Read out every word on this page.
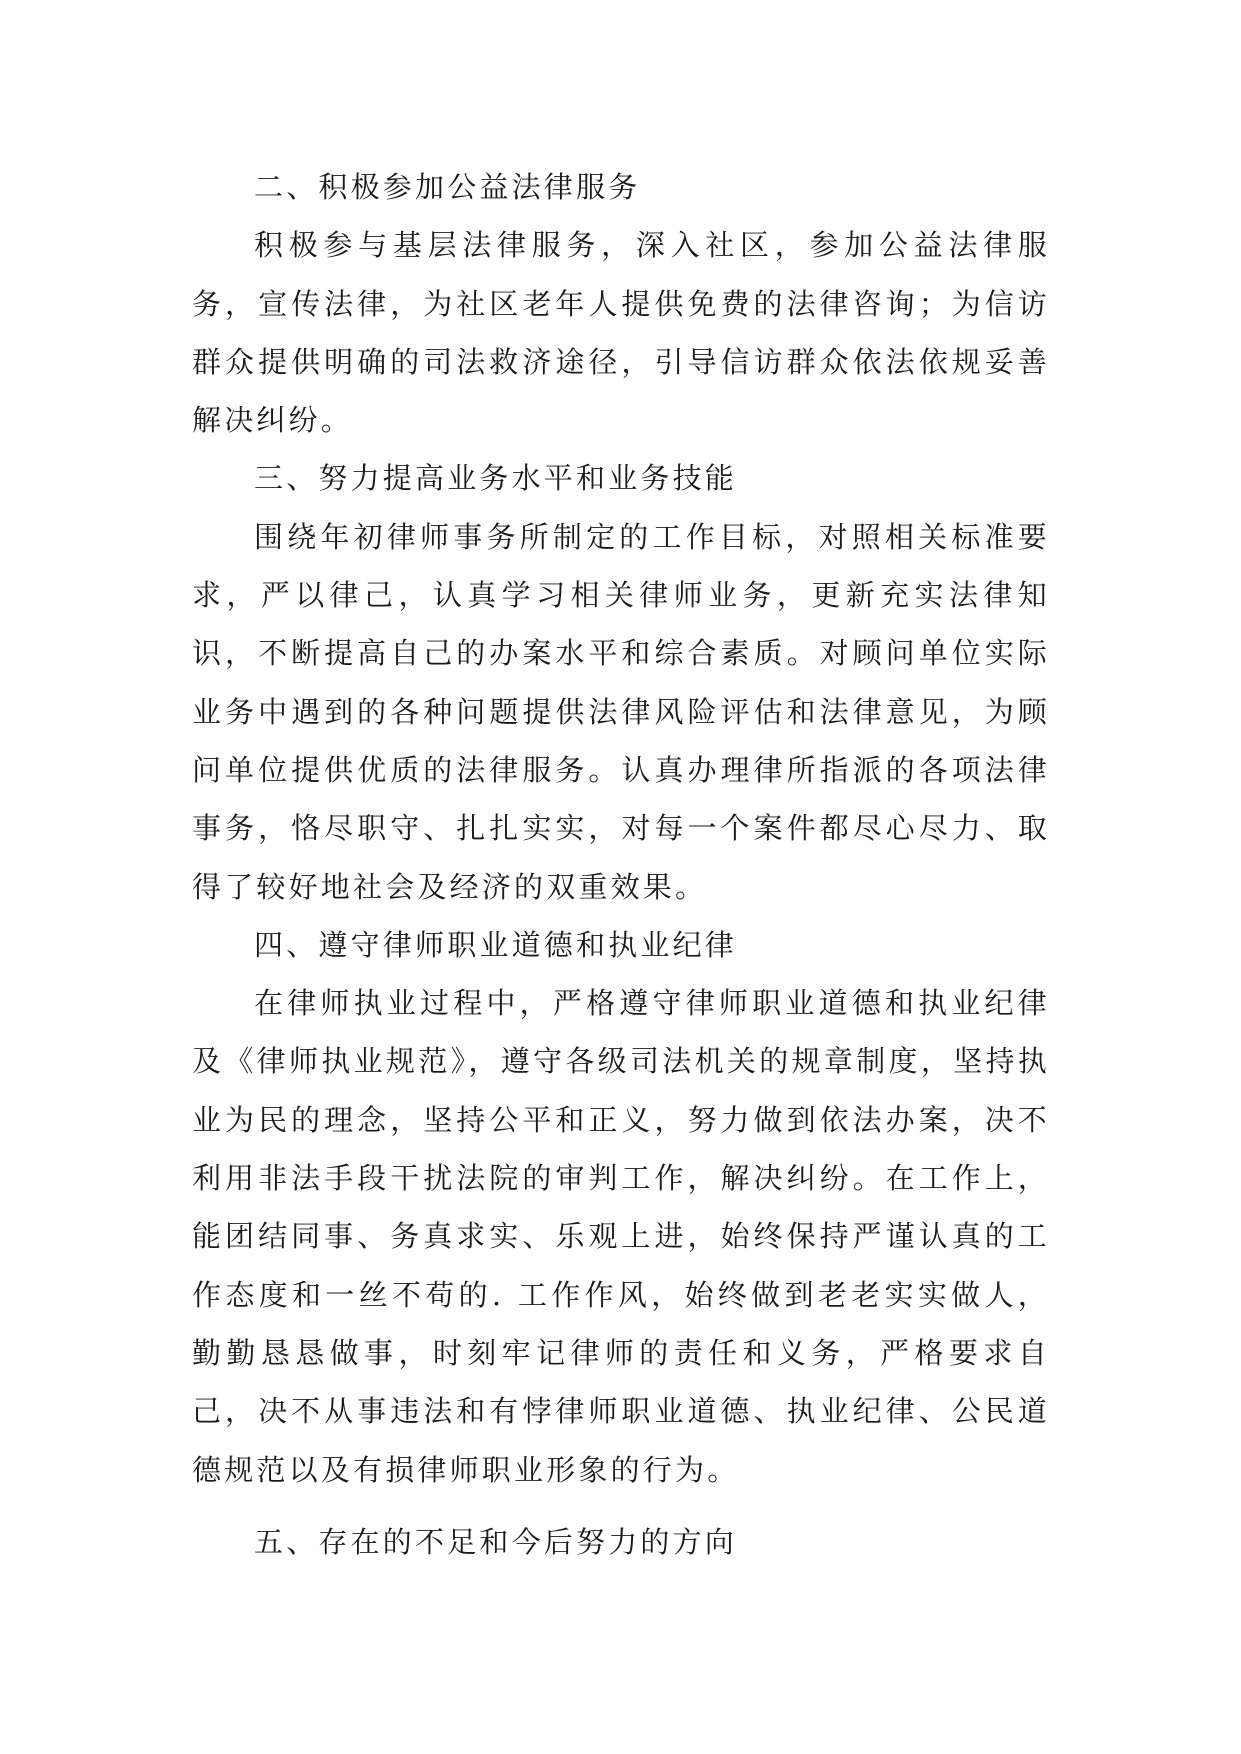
二、积极参加公益法律服务

积极参与基层法律服务，深入社区，参加公益法律服务，宣传法律，为社区老年人提供免费的法律咨询；为信访群众提供明确的司法救济途径，引导信访群众依法依规妥善解决纠纷。

三、努力提高业务水平和业务技能

围绕年初律师事务所制定的工作目标，对照相关标准要求，严以律己，认真学习相关律师业务，更新充实法律知识，不断提高自己的办案水平和综合素质。对顾问单位实际业务中遇到的各种问题提供法律风险评估和法律意见，为顾问单位提供优质的法律服务。认真办理律所指派的各项法律事务，恪尽职守、扎扎实实，对每一个案件都尽心尽力、取得了较好地社会及经济的双重效果。

四、遵守律师职业道德和执业纪律

在律师执业过程中，严格遵守律师职业道德和执业纪律及《律师执业规范》，遵守各级司法机关的规章制度，坚持执业为民的理念，坚持公平和正义，努力做到依法办案，决不利用非法手段干扰法院的审判工作，解决纠纷。在工作上，能团结同事、务真求实、乐观上进，始终保持严谨认真的工作态度和一丝不苟的. 工作作风，始终做到老老实实做人，勤勤恳恳做事，时刻牢记律师的责任和义务，严格要求自己，决不从事违法和有悖律师职业道德、执业纪律、公民道德规范以及有损律师职业形象的行为。

五、存在的不足和今后努力的方向
